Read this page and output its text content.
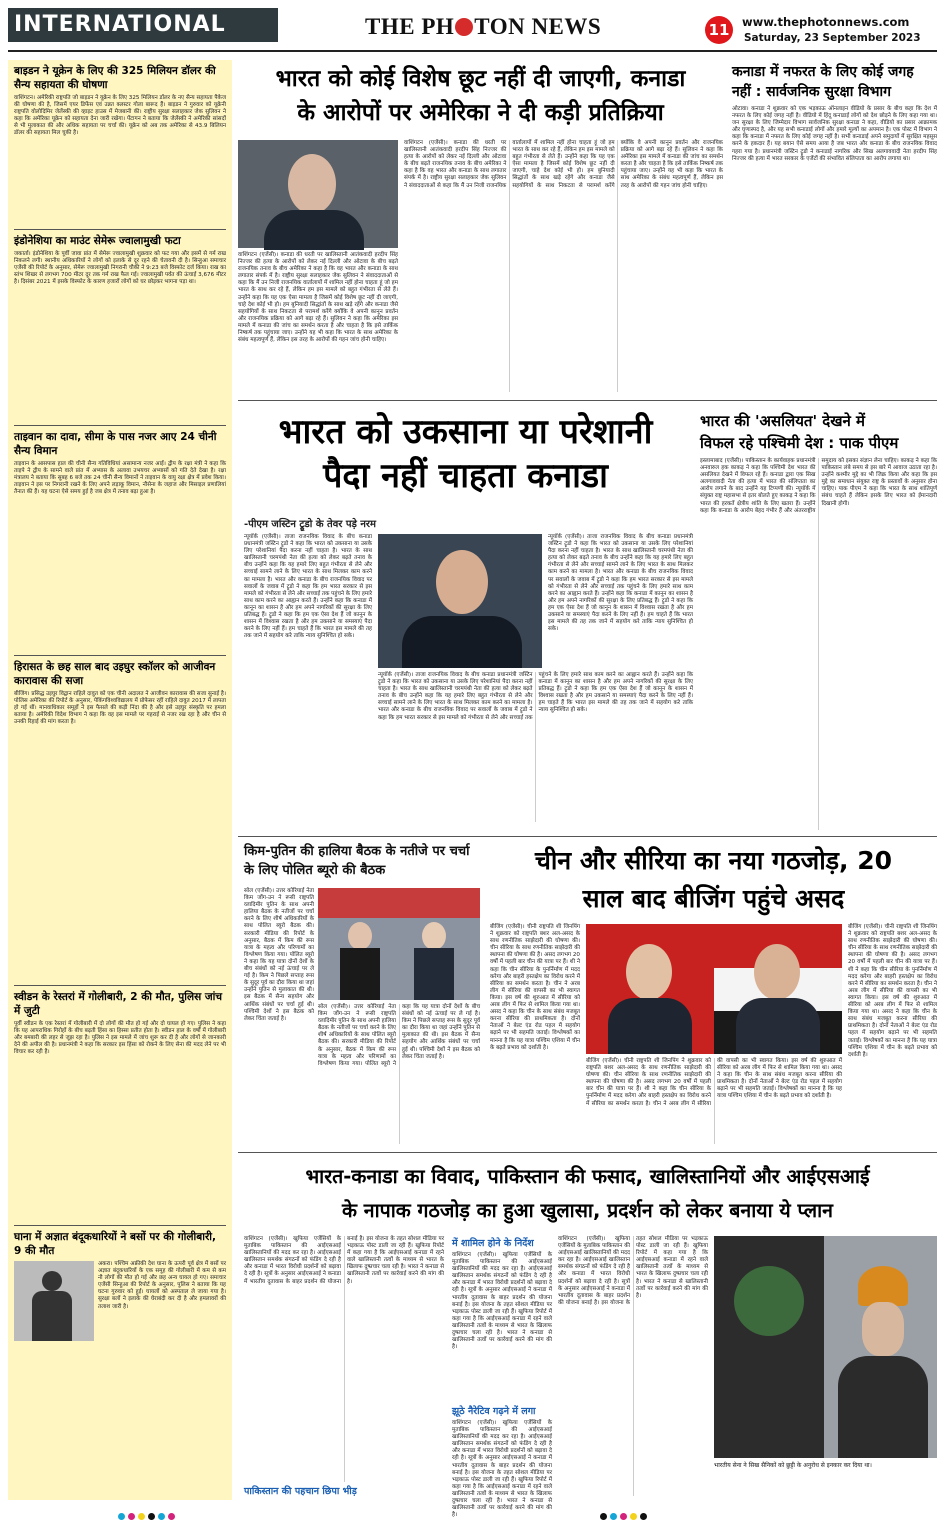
INTERNATIONAL	THE PH TON NEWS	11	www.thephotonnews.com
Saturday, 23 September 2023
बाइडन ने यूक्रेन के लिए की 325 मिलियन डॉलर की सैन्य सहायता की घोषणा
वाशिंगटन। अमेरिकी राष्ट्रपति जो बाइडन ने यूक्रेन के लिए 325 मिलियन डॉलर के नए सैन्य सहायता पैकेज की घोषणा की है, जिसमें एयर डिफेंस एवं उन्नत क्लस्टर गोला बारूद हैं। बाइडन ने गुरुवार को यूक्रेनी राष्ट्रपति वोलोदिमिर जेलेंस्की की व्हाइट हाउस में मेजबानी की। राष्ट्रीय सुरक्षा सलाहकार जेक सुलिवन ने कहा कि अमेरिका यूक्रेन को सहायता देना जारी रखेगा। पेंटागन ने बताया कि जेलेंस्की ने अमेरिकी सांसदों से भी मुलाकात की और अधिक सहायता पर चर्चा की। यूक्रेन को अब तक अमेरिका से 43.9 बिलियन डॉलर की सहायता मिल चुकी है।
इंडोनेशिया का माउंट सेमेरू ज्वालामुखी फटा
जकार्ता। इंडोनेशिया के पूर्वी जावा प्रांत में सेमेरू ज्वालामुखी शुक्रवार को फट गया और इसमें से गर्म राख निकलने लगी। स्थानीय अधिकारियों ने लोगों को इलाके से दूर रहने की चेतावनी दी है। सिन्हुआ समाचार एजेंसी की रिपोर्ट के अनुसार, सेमेरू ज्वालामुखी निगरानी चौकी ने 9:23 बजे विस्फोट दर्ज किया। राख का स्तंभ शिखर से लगभग 700 मीटर दूर तक गर्म राख फैल गई। ज्वालामुखी पर्वत की ऊंचाई 3,676 मीटर है। दिसंबर 2021 में इसके विस्फोट के कारण हजारों लोगों को घर छोड़कर भागना पड़ा था।
ताइवान का दावा, सीमा के पास नजर आए 24 चीनी सैन्य विमान
ताइवान के आसपास हाल की चीनी सैन्य गतिविधियां असामान्य नजर आईं। द्वीप के रक्षा मंत्री ने कहा कि ताइपे ने द्वीप के सामने वाले प्रांत में अभ्यास के अलावा उभयचर अभ्यासों को गति देते देखा है। रक्षा मंत्रालय ने बताया कि सुबह 6 बजे तक 24 चीनी सैन्य विमानों ने ताइवान के वायु रक्षा क्षेत्र में प्रवेश किया। ताइवान ने इस पर निगरानी रखने के लिए अपने लड़ाकू विमान, नौसेना के जहाज और मिसाइल प्रणालियां तैनात की हैं। यह घटना ऐसे समय हुई है जब क्षेत्र में तनाव बढ़ा हुआ है।
हिरासत के छह साल बाद उइघुर स्कॉलर को आजीवन कारावास की सजा
बीजिंग। प्रसिद्ध उइघुर विद्वान राहिले दावुत को एक चीनी अदालत ने आजीवन कारावास की सजा सुनाई है। पोलिस अमेरिका की रिपोर्ट के अनुसार, पेकिंगविश्वविद्यालय में प्रोफेसर रहीं राहिले दावुत 2017 में लापता हो गई थीं। मानवाधिकार समूहों ने इस फैसले की कड़ी निंदा की है और इसे उइघुर संस्कृति पर हमला बताया है। अमेरिकी विदेश विभाग ने कहा कि वह इस मामले पर गहराई से नजर रख रहा है और चीन से उनकी रिहाई की मांग करता है।
स्वीडन के रेस्तरां में गोलीबारी, 2 की मौत, पुलिस जांच में जुटी
पूर्वी स्वीडन के एक रेस्तरां में गोलीबारी में दो लोगों की मौत हो गई और दो घायल हो गए। पुलिस ने कहा कि यह आपराधिक गिरोहों के बीच बढ़ती हिंसा का हिस्सा प्रतीत होता है। स्वीडन हाल के वर्षों में गोलीबारी और बमबारी की लहर से जूझ रहा है। पुलिस ने इस मामले में जांच शुरू कर दी है और लोगों से जानकारी देने की अपील की है। प्रधानमंत्री ने कहा कि सरकार इस हिंसा को रोकने के लिए सेना की मदद लेने पर भी विचार कर रही है।
घाना में अज्ञात बंदूकधारियों ने बसों पर की गोलीबारी, 9 की मौत
अकरा। पश्चिम अफ्रीकी देश घाना के ऊपरी पूर्व क्षेत्र में बसों पर अज्ञात बंदूकधारियों के एक समूह की गोलीबारी में कम से कम नौ लोगों की मौत हो गई और छह अन्य घायल हो गए। समाचार एजेंसी सिन्हुआ की रिपोर्ट के अनुसार, पुलिस ने बताया कि यह घटना गुरुवार को हुई। घायलों को अस्पताल ले जाया गया है। सुरक्षा बलों ने इलाके की घेराबंदी कर दी है और हमलावरों की तलाश जारी है।
भारत को कोई विशेष छूट नहीं दी जाएगी, कनाडा
के आरोपों पर अमेरिका ने दी कड़ी प्रतिक्रिया
वाशिंगटन (एजेंसी)। कनाडा की धरती पर खालिस्तानी आतंकवादी हरदीप सिंह निज्जर की हत्या के आरोपों को लेकर नई दिल्ली और ओटावा के बीच बढ़ते राजनयिक तनाव के बीच अमेरिका ने कहा है कि वह भारत और कनाडा के साथ लगातार संपर्क में है। राष्ट्रीय सुरक्षा सलाहकार जेक सुलिवन ने संवाददाताओं से कहा कि मैं उन निजी राजनयिक वार्तालापों में शामिल नहीं होना चाहता हूं जो हम भारत के साथ कर रहे हैं, लेकिन हम इस मामले को बहुत गंभीरता से लेते हैं। उन्होंने कहा कि यह एक ऐसा मामला है जिसमें कोई विशेष छूट नहीं दी जाएगी, चाहे देश कोई भी हो। हम बुनियादी सिद्धांतों के साथ खड़े रहेंगे और कनाडा जैसे सहयोगियों के साथ निकटता से परामर्श करेंगे क्योंकि वे अपनी कानून प्रवर्तन और राजनयिक प्रक्रिया को आगे बढ़ा रहे हैं। सुलिवन ने कहा कि अमेरिका इस मामले में कनाडा की जांच का समर्थन करता है और चाहता है कि इसे तार्किक निष्कर्ष तक पहुंचाया जाए। उन्होंने यह भी कहा कि भारत के साथ अमेरिका के संबंध महत्वपूर्ण हैं, लेकिन इस तरह के आरोपों की गहन जांच होनी चाहिए।
वाशिंगटन (एजेंसी)। कनाडा की धरती पर खालिस्तानी आतंकवादी हरदीप सिंह निज्जर की हत्या के आरोपों को लेकर नई दिल्ली और ओटावा के बीच बढ़ते राजनयिक तनाव के बीच अमेरिका ने कहा है कि वह भारत और कनाडा के साथ लगातार संपर्क में है। राष्ट्रीय सुरक्षा सलाहकार जेक सुलिवन ने संवाददाताओं से कहा कि मैं उन निजी राजनयिक वार्तालापों में शामिल नहीं होना चाहता हूं जो हम भारत के साथ कर रहे हैं, लेकिन हम इस मामले को बहुत गंभीरता से लेते हैं। उन्होंने कहा कि यह एक ऐसा मामला है जिसमें कोई विशेष छूट नहीं दी जाएगी, चाहे देश कोई भी हो। हम बुनियादी सिद्धांतों के साथ खड़े रहेंगे और कनाडा जैसे सहयोगियों के साथ निकटता से परामर्श करेंगे क्योंकि वे अपनी कानून प्रवर्तन और राजनयिक प्रक्रिया को आगे बढ़ा रहे हैं। सुलिवन ने कहा कि अमेरिका इस मामले में कनाडा की जांच का समर्थन करता है और चाहता है कि इसे तार्किक निष्कर्ष तक पहुंचाया जाए। उन्होंने यह भी कहा कि भारत के साथ अमेरिका के संबंध महत्वपूर्ण हैं, लेकिन इस तरह के आरोपों की गहन जांच होनी चाहिए।
कनाडा में नफरत के लिए कोई जगह नहीं : सार्वजनिक सुरक्षा विभाग
ओटावा। कनाडा ने शुक्रवार को एक भड़काऊ ऑनलाइन वीडियो के प्रसार के बीच कहा कि देश में नफरत के लिए कोई जगह नहीं है। वीडियो में हिंदू कनाडाई लोगों को देश छोड़ने के लिए कहा गया था। जन सुरक्षा के लिए जिम्मेदार विभाग सार्वजनिक सुरक्षा कनाडा ने कहा, वीडियो का प्रसार आक्रामक और घृणास्पद है, और यह सभी कनाडाई लोगों और हमारे मूल्यों का अपमान है। एक पोस्ट में विभाग ने कहा कि कनाडा में नफरत के लिए कोई जगह नहीं है। सभी कनाडाई अपने समुदायों में सुरक्षित महसूस करने के हकदार हैं। यह बयान ऐसे समय आया है जब भारत और कनाडा के बीच राजनयिक विवाद गहरा गया है। प्रधानमंत्री जस्टिन ट्रूडो ने कनाडाई नागरिक और सिख अलगाववादी नेता हरदीप सिंह निज्जर की हत्या में भारत सरकार के एजेंटों की संभावित संलिप्तता का आरोप लगाया था।
भारत को उकसाना या परेशानी
पैदा नहीं चाहता कनाडा
-पीएम जस्टिन ट्रूडो के तेवर पड़े नरम
न्यूयॉर्क (एजेंसी)। ताजा राजनयिक विवाद के बीच कनाडा प्रधानमंत्री जस्टिन ट्रूडो ने कहा कि भारत को उकसाना या उसके लिए परेशानियां पैदा करना नहीं चाहता है। भारत के साथ खालिस्तानी चरमपंथी नेता की हत्या को लेकर बढ़ते तनाव के बीच उन्होंने कहा कि यह हमारे लिए बहुत गंभीरता से लेने और सच्चाई सामने लाने के लिए भारत के साथ मिलकर काम करने का मामला है। भारत और कनाडा के बीच राजनयिक विवाद पर सवालों के जवाब में ट्रूडो ने कहा कि हम भारत सरकार से इस मामले को गंभीरता से लेने और सच्चाई तक पहुंचने के लिए हमारे साथ काम करने का आह्वान करते हैं। उन्होंने कहा कि कनाडा में कानून का शासन है और हम अपने नागरिकों की सुरक्षा के लिए प्रतिबद्ध हैं। ट्रूडो ने कहा कि हम एक ऐसा देश हैं जो कानून के शासन में विश्वास रखता है और हम उकसाने या समस्याएं पैदा करने के लिए नहीं हैं। हम चाहते हैं कि भारत इस मामले की तह तक जाने में सहयोग करे ताकि न्याय सुनिश्चित हो सके।
न्यूयॉर्क (एजेंसी)। ताजा राजनयिक विवाद के बीच कनाडा प्रधानमंत्री जस्टिन ट्रूडो ने कहा कि भारत को उकसाना या उसके लिए परेशानियां पैदा करना नहीं चाहता है। भारत के साथ खालिस्तानी चरमपंथी नेता की हत्या को लेकर बढ़ते तनाव के बीच उन्होंने कहा कि यह हमारे लिए बहुत गंभीरता से लेने और सच्चाई सामने लाने के लिए भारत के साथ मिलकर काम करने का मामला है। भारत और कनाडा के बीच राजनयिक विवाद पर सवालों के जवाब में ट्रूडो ने कहा कि हम भारत सरकार से इस मामले को गंभीरता से लेने और सच्चाई तक पहुंचने के लिए हमारे साथ काम करने का आह्वान करते हैं। उन्होंने कहा कि कनाडा में कानून का शासन है और हम अपने नागरिकों की सुरक्षा के लिए प्रतिबद्ध हैं। ट्रूडो ने कहा कि हम एक ऐसा देश हैं जो कानून के शासन में विश्वास रखता है और हम उकसाने या समस्याएं पैदा करने के लिए नहीं हैं। हम चाहते हैं कि भारत इस मामले की तह तक जाने में सहयोग करे ताकि न्याय सुनिश्चित हो सके।
न्यूयॉर्क (एजेंसी)। ताजा राजनयिक विवाद के बीच कनाडा प्रधानमंत्री जस्टिन ट्रूडो ने कहा कि भारत को उकसाना या उसके लिए परेशानियां पैदा करना नहीं चाहता है। भारत के साथ खालिस्तानी चरमपंथी नेता की हत्या को लेकर बढ़ते तनाव के बीच उन्होंने कहा कि यह हमारे लिए बहुत गंभीरता से लेने और सच्चाई सामने लाने के लिए भारत के साथ मिलकर काम करने का मामला है। भारत और कनाडा के बीच राजनयिक विवाद पर सवालों के जवाब में ट्रूडो ने कहा कि हम भारत सरकार से इस मामले को गंभीरता से लेने और सच्चाई तक पहुंचने के लिए हमारे साथ काम करने का आह्वान करते हैं। उन्होंने कहा कि कनाडा में कानून का शासन है और हम अपने नागरिकों की सुरक्षा के लिए प्रतिबद्ध हैं। ट्रूडो ने कहा कि हम एक ऐसा देश हैं जो कानून के शासन में विश्वास रखता है और हम उकसाने या समस्याएं पैदा करने के लिए नहीं हैं। हम चाहते हैं कि भारत इस मामले की तह तक जाने में सहयोग करे ताकि न्याय सुनिश्चित हो सके।
भारत की 'असलियत' देखने में
विफल रहे पश्चिमी देश : पाक पीएम
इस्लामाबाद (एजेंसी)। पाकिस्तान के कार्यवाहक प्रधानमंत्री अनवारुल हक काकड़ ने कहा कि पश्चिमी देश भारत की असलियत देखने में विफल रहे हैं। कनाडा द्वारा एक सिख अलगाववादी नेता की हत्या में भारत की संलिप्तता का आरोप लगाने के बाद उन्होंने यह टिप्पणी की। न्यूयॉर्क में संयुक्त राष्ट्र महासभा से इतर बोलते हुए काकड़ ने कहा कि भारत की हरकतें क्षेत्रीय शांति के लिए खतरा हैं। उन्होंने कहा कि कनाडा के आरोप बेहद गंभीर हैं और अंतरराष्ट्रीय समुदाय को इसका संज्ञान लेना चाहिए। काकड़ ने कहा कि पाकिस्तान लंबे समय से इस बारे में आवाज उठाता रहा है। उन्होंने कश्मीर मुद्दे का भी जिक्र किया और कहा कि इस मुद्दे का समाधान संयुक्त राष्ट्र के प्रस्तावों के अनुसार होना चाहिए। पाक पीएम ने कहा कि भारत के साथ शांतिपूर्ण संबंध चाहते हैं लेकिन इसके लिए भारत को ईमानदारी दिखानी होगी।
किम-पुतिन की हालिया बैठक के नतीजे पर चर्चा के लिए पोलित ब्यूरो की बैठक
सोल (एजेंसी)। उत्तर कोरियाई नेता किम जोंग-उन ने रूसी राष्ट्रपति व्लादिमीर पुतिन के साथ अपनी हालिया बैठक के नतीजों पर चर्चा करने के लिए शीर्ष अधिकारियों के साथ पोलित ब्यूरो बैठक की। सरकारी मीडिया की रिपोर्ट के अनुसार, बैठक में किम की रूस यात्रा के महत्व और परिणामों का विश्लेषण किया गया। पोलित ब्यूरो ने कहा कि यह यात्रा दोनों देशों के बीच संबंधों को नई ऊंचाई पर ले गई है। किम ने पिछले सप्ताह रूस के सुदूर पूर्व का दौरा किया था जहां उन्होंने पुतिन से मुलाकात की थी। इस बैठक में सैन्य सहयोग और आर्थिक संबंधों पर चर्चा हुई थी। पश्चिमी देशों ने इस बैठक को लेकर चिंता जताई है।
सोल (एजेंसी)। उत्तर कोरियाई नेता किम जोंग-उन ने रूसी राष्ट्रपति व्लादिमीर पुतिन के साथ अपनी हालिया बैठक के नतीजों पर चर्चा करने के लिए शीर्ष अधिकारियों के साथ पोलित ब्यूरो बैठक की। सरकारी मीडिया की रिपोर्ट के अनुसार, बैठक में किम की रूस यात्रा के महत्व और परिणामों का विश्लेषण किया गया। पोलित ब्यूरो ने कहा कि यह यात्रा दोनों देशों के बीच संबंधों को नई ऊंचाई पर ले गई है। किम ने पिछले सप्ताह रूस के सुदूर पूर्व का दौरा किया था जहां उन्होंने पुतिन से मुलाकात की थी। इस बैठक में सैन्य सहयोग और आर्थिक संबंधों पर चर्चा हुई थी। पश्चिमी देशों ने इस बैठक को लेकर चिंता जताई है।
चीन और सीरिया का नया गठजोड़, 20
साल बाद बीजिंग पहुंचे असद
बीजिंग (एजेंसी)। चीनी राष्ट्रपति शी जिनपिंग ने शुक्रवार को राष्ट्रपति बशर अल-असद के साथ रणनीतिक साझेदारी की घोषणा की। चीन सीरिया के साथ रणनीतिक साझेदारी की स्थापना की घोषणा की है। असद लगभग 20 वर्षों में पहली बार चीन की यात्रा पर हैं। शी ने कहा कि चीन सीरिया के पुनर्निर्माण में मदद करेगा और बाहरी हस्तक्षेप का विरोध करने में सीरिया का समर्थन करता है। चीन ने अरब लीग में सीरिया की वापसी का भी स्वागत किया। इस वर्ष की शुरुआत में सीरिया को अरब लीग में फिर से शामिल किया गया था। असद ने कहा कि चीन के साथ संबंध मजबूत करना सीरिया की प्राथमिकता है। दोनों नेताओं ने बेल्ट एंड रोड पहल में सहयोग बढ़ाने पर भी सहमति जताई। विश्लेषकों का मानना है कि यह यात्रा पश्चिम एशिया में चीन के बढ़ते प्रभाव को दर्शाती है।
बीजिंग (एजेंसी)। चीनी राष्ट्रपति शी जिनपिंग ने शुक्रवार को राष्ट्रपति बशर अल-असद के साथ रणनीतिक साझेदारी की घोषणा की। चीन सीरिया के साथ रणनीतिक साझेदारी की स्थापना की घोषणा की है। असद लगभग 20 वर्षों में पहली बार चीन की यात्रा पर हैं। शी ने कहा कि चीन सीरिया के पुनर्निर्माण में मदद करेगा और बाहरी हस्तक्षेप का विरोध करने में सीरिया का समर्थन करता है। चीन ने अरब लीग में सीरिया की वापसी का भी स्वागत किया। इस वर्ष की शुरुआत में सीरिया को अरब लीग में फिर से शामिल किया गया था। असद ने कहा कि चीन के साथ संबंध मजबूत करना सीरिया की प्राथमिकता है। दोनों नेताओं ने बेल्ट एंड रोड पहल में सहयोग बढ़ाने पर भी सहमति जताई। विश्लेषकों का मानना है कि यह यात्रा पश्चिम एशिया में चीन के बढ़ते प्रभाव को दर्शाती है।
बीजिंग (एजेंसी)। चीनी राष्ट्रपति शी जिनपिंग ने शुक्रवार को राष्ट्रपति बशर अल-असद के साथ रणनीतिक साझेदारी की घोषणा की। चीन सीरिया के साथ रणनीतिक साझेदारी की स्थापना की घोषणा की है। असद लगभग 20 वर्षों में पहली बार चीन की यात्रा पर हैं। शी ने कहा कि चीन सीरिया के पुनर्निर्माण में मदद करेगा और बाहरी हस्तक्षेप का विरोध करने में सीरिया का समर्थन करता है। चीन ने अरब लीग में सीरिया की वापसी का भी स्वागत किया। इस वर्ष की शुरुआत में सीरिया को अरब लीग में फिर से शामिल किया गया था। असद ने कहा कि चीन के साथ संबंध मजबूत करना सीरिया की प्राथमिकता है। दोनों नेताओं ने बेल्ट एंड रोड पहल में सहयोग बढ़ाने पर भी सहमति जताई। विश्लेषकों का मानना है कि यह यात्रा पश्चिम एशिया में चीन के बढ़ते प्रभाव को दर्शाती है।
भारत-कनाडा का विवाद, पाकिस्तान की फसाद, खालिस्तानियों और आईएसआई
के नापाक गठजोड़ का हुआ खुलासा, प्रदर्शन को लेकर बनाया ये प्लान
वाशिंगटन (एजेंसी)। खुफिया एजेंसियों के मुताबिक पाकिस्तान की आईएसआई खालिस्तानियों की मदद कर रहा है। आईएसआई खालिस्तान समर्थक संगठनों को फंडिंग दे रही है और कनाडा में भारत विरोधी प्रदर्शनों को बढ़ावा दे रही है। सूत्रों के अनुसार आईएसआई ने कनाडा में भारतीय दूतावास के बाहर प्रदर्शन की योजना बनाई है। इस योजना के तहत सोशल मीडिया पर भड़काऊ पोस्ट डाली जा रही हैं। खुफिया रिपोर्ट में कहा गया है कि आईएसआई कनाडा में रहने वाले खालिस्तानी तत्वों के माध्यम से भारत के खिलाफ दुष्प्रचार चला रही है। भारत ने कनाडा से खालिस्तानी तत्वों पर कार्रवाई करने की मांग की है।
पाकिस्तान की पहचान छिपा भीड़
में शामिल होने के निर्देश
वाशिंगटन (एजेंसी)। खुफिया एजेंसियों के मुताबिक पाकिस्तान की आईएसआई खालिस्तानियों की मदद कर रहा है। आईएसआई खालिस्तान समर्थक संगठनों को फंडिंग दे रही है और कनाडा में भारत विरोधी प्रदर्शनों को बढ़ावा दे रही है। सूत्रों के अनुसार आईएसआई ने कनाडा में भारतीय दूतावास के बाहर प्रदर्शन की योजना बनाई है। इस योजना के तहत सोशल मीडिया पर भड़काऊ पोस्ट डाली जा रही हैं। खुफिया रिपोर्ट में कहा गया है कि आईएसआई कनाडा में रहने वाले खालिस्तानी तत्वों के माध्यम से भारत के खिलाफ दुष्प्रचार चला रही है। भारत ने कनाडा से खालिस्तानी तत्वों पर कार्रवाई करने की मांग की है।
झूठे नैरेटिव गढ़ने में लगा
वाशिंगटन (एजेंसी)। खुफिया एजेंसियों के मुताबिक पाकिस्तान की आईएसआई खालिस्तानियों की मदद कर रहा है। आईएसआई खालिस्तान समर्थक संगठनों को फंडिंग दे रही है और कनाडा में भारत विरोधी प्रदर्शनों को बढ़ावा दे रही है। सूत्रों के अनुसार आईएसआई ने कनाडा में भारतीय दूतावास के बाहर प्रदर्शन की योजना बनाई है। इस योजना के तहत सोशल मीडिया पर भड़काऊ पोस्ट डाली जा रही हैं। खुफिया रिपोर्ट में कहा गया है कि आईएसआई कनाडा में रहने वाले खालिस्तानी तत्वों के माध्यम से भारत के खिलाफ दुष्प्रचार चला रही है। भारत ने कनाडा से खालिस्तानी तत्वों पर कार्रवाई करने की मांग की है।
वाशिंगटन (एजेंसी)। खुफिया एजेंसियों के मुताबिक पाकिस्तान की आईएसआई खालिस्तानियों की मदद कर रहा है। आईएसआई खालिस्तान समर्थक संगठनों को फंडिंग दे रही है और कनाडा में भारत विरोधी प्रदर्शनों को बढ़ावा दे रही है। सूत्रों के अनुसार आईएसआई ने कनाडा में भारतीय दूतावास के बाहर प्रदर्शन की योजना बनाई है। इस योजना के तहत सोशल मीडिया पर भड़काऊ पोस्ट डाली जा रही हैं। खुफिया रिपोर्ट में कहा गया है कि आईएसआई कनाडा में रहने वाले खालिस्तानी तत्वों के माध्यम से भारत के खिलाफ दुष्प्रचार चला रही है। भारत ने कनाडा से खालिस्तानी तत्वों पर कार्रवाई करने की मांग की है।
भारतीय सेना ने सिख सैनिकों को छुट्टी के अनुरोध से इनकार कर दिया था।
